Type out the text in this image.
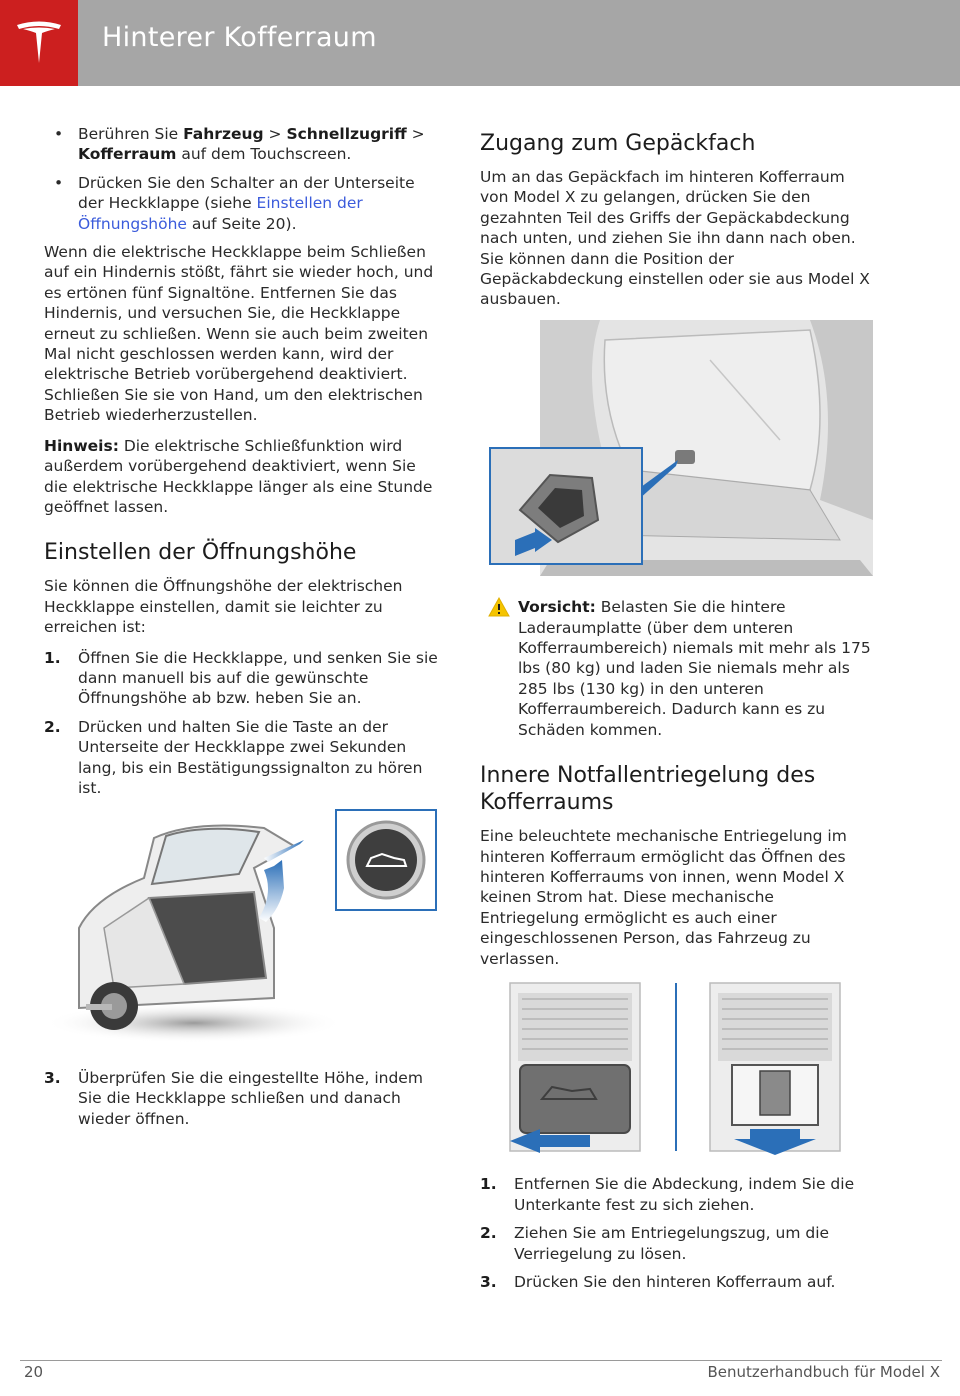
Hinterer Kofferraum
• Berühren Sie Fahrzeug > Schnellzugriff > Kofferraum auf dem Touchscreen.
• Drücken Sie den Schalter an der Unterseite der Heckklappe (siehe Einstellen der Öffnungshöhe auf Seite 20).

Wenn die elektrische Heckklappe beim Schließen auf ein Hindernis stößt, fährt sie wieder hoch, und es ertönen fünf Signaltöne. Entfernen Sie das Hindernis, und versuchen Sie, die Heckklappe erneut zu schließen. Wenn sie auch beim zweiten Mal nicht geschlossen werden kann, wird der elektrische Betrieb vorübergehend deaktiviert. Schließen Sie sie von Hand, um den elektrischen Betrieb wiederherzustellen.

Hinweis: Die elektrische Schließfunktion wird außerdem vorübergehend deaktiviert, wenn Sie die elektrische Heckklappe länger als eine Stunde geöffnet lassen.

Einstellen der Öffnungshöhe

Sie können die Öffnungshöhe der elektrischen Heckklappe einstellen, damit sie leichter zu erreichen ist:

1. Öffnen Sie die Heckklappe, und senken Sie sie dann manuell bis auf die gewünschte Öffnungshöhe ab bzw. heben Sie an.
2. Drücken und halten Sie die Taste an der Unterseite der Heckklappe zwei Sekunden lang, bis ein Bestätigungssignalton zu hören ist.
3. Überprüfen Sie die eingestellte Höhe, indem Sie die Heckklappe schließen und danach wieder öffnen.
Zugang zum Gepäckfach

Um an das Gepäckfach im hinteren Kofferraum von Model X zu gelangen, drücken Sie den gezahnten Teil des Griffs der Gepäckabdeckung nach unten, und ziehen Sie ihn dann nach oben. Sie können dann die Position der Gepäckabdeckung einstellen oder sie aus Model X ausbauen.

Vorsicht: Belasten Sie die hintere Laderaumplatte (über dem unteren Kofferraumbereich) niemals mit mehr als 175 lbs (80 kg) und laden Sie niemals mehr als 285 lbs (130 kg) in den unteren Kofferraumbereich. Dadurch kann es zu Schäden kommen.
Innere Notfallentriegelung des Kofferraums

Eine beleuchtete mechanische Entriegelung im hinteren Kofferraum ermöglicht das Öffnen des hinteren Kofferraums von innen, wenn Model X keinen Strom hat. Diese mechanische Entriegelung ermöglicht es auch einer eingeschlossenen Person, das Fahrzeug zu verlassen.

1. Entfernen Sie die Abdeckung, indem Sie die Unterkante fest zu sich ziehen.
2. Ziehen Sie am Entriegelungszug, um die Verriegelung zu lösen.
3. Drücken Sie den hinteren Kofferraum auf.
20	Benutzerhandbuch für Model X
